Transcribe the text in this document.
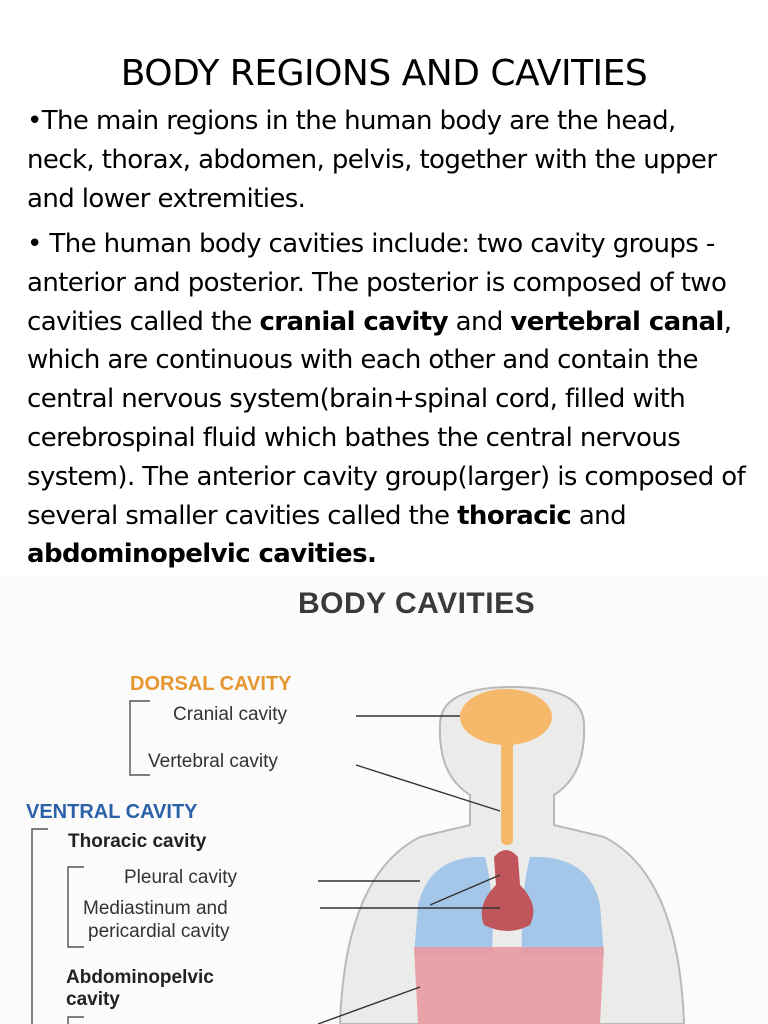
BODY REGIONS AND CAVITIES
•The main regions in the human body are the head, neck, thorax, abdomen, pelvis, together with the upper and lower extremities.
• The human body cavities include: two cavity groups - anterior and posterior. The posterior is composed of two cavities called the cranial cavity and vertebral canal, which are continuous with each other and contain the central nervous system(brain+spinal cord, filled with cerebrospinal fluid which bathes the central nervous system). The anterior cavity group(larger) is composed of several smaller cavities called the thoracic and abdominopelvic cavities.
BODY CAVITIES
DORSAL CAVITY
Cranial cavity
Vertebral cavity
VENTRAL CAVITY
Thoracic cavity
Pleural cavity
Mediastinum and
pericardial cavity
Abdominopelvic
cavity
